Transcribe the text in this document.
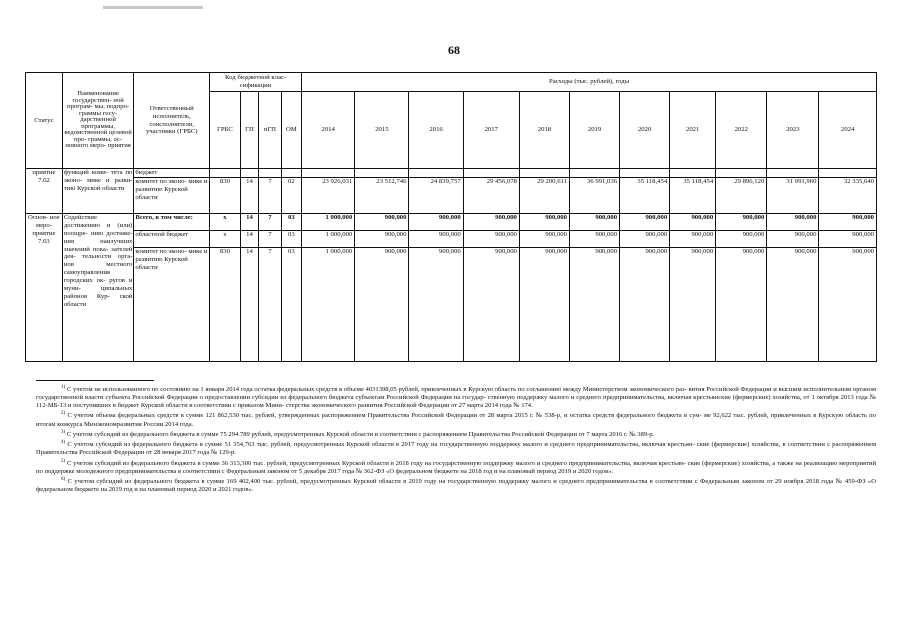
68
Статус	Наименование государствен- ной програм- мы, подпро- граммы госу- дарственной программы, ведомственной целевой про- граммы, ос- новного меро- приятия	Ответственный исполнитель, соисполнители, участники (ГРБС)	Код бюджетной клас- сификации				Расходы (тыс. рублей), годы										
			ГРБС	ГП	пГП	ОМ	2014	2015	2016	2017	2018	2019	2020	2021	2022	2023	2024
приятие 7.02	функций коми- тета по эконо- мике и разви- тию Курской области	бюджет															
		комитет по эконо- мике и развитию Курской области	830	14	7	02	23 926,031	23 512,746	24 839,757	29 456,078	29 200,611	36 991,036	35 118,454	35 118,454	29 896,120	31 091,960	32 335,640
Основ- ное меро- приятие 7.03	Содействие достижению и (или) поощре- нию достиже- ния наилучших значений пока- зателей дея- тельности орга- нов местного самоуправления городских ок- ругов и муни- ципальных районов Кур- ской области	Всего, в том числе:	x	14	7	03	1 000,000	900,000	900,000	900,000	900,000	900,000	900,000	900,000	900,000	900,000	900,000
		областной бюджет	x	14	7	03	1 000,000	900,000	900,000	900,000	900,000	900,000	900,000	900,000	900,000	900,000	900,000
		комитет по эконо- мике и развитию Курской области	830	14	7	03	1 000,000	900,000	900,000	900,000	900,000	900,000	900,000	900,000	900,000	900,000	900,000

$^{1)}$ С учетом не использованного по состоянию на 1 января 2014 года остатка федеральных средств в объеме 4031398,05 рублей, привлеченных в Курскую область по соглашению между Министерством экономического раз- вития Российской Федерации и высшим исполнительным органом государственной власти субъекта Российской Федерации о предоставлении субсидии из федерального бюджета субъектам Российской Федерации на государ- ственную поддержку малого и среднего предпринимательства, включая крестьянские (фермерские) хозяйства, от 1 октября 2013 года № 112-МБ-13 и поступивших в бюджет Курской области в соответствии с приказом Мини- стерства экономического развития Российской Федерации от 27 марта 2014 года № 174.

$^{2)}$ С учетом объема федеральных средств в сумме 121 862,530 тыс. рублей, утвержденных распоряжением Правительства Российской Федерации от 28 марта 2015 г. № 538-р, и остатка средств федерального бюджета в сум- ме 92,622 тыс. рублей, привлеченных в Курскую область по итогам конкурса Минэкономразвития России 2014 года.

$^{3)}$ С учетом субсидий из федерального бюджета в сумме 75 294 789 рублей, предусмотренных Курской области в соответствии с распоряжением Правительства Российской Федерации от 7 марта 2016 г. № 389-р.

$^{4)}$ С учетом субсидий из федерального бюджета в сумме 51 354,763 тыс. рублей, предусмотренных Курской области в 2017 году на государственную поддержку малого и среднего предпринимательства, включая крестьян- ские (фермерские) хозяйства, в соответствии с распоряжением Правительства Российской Федерации от 28 января 2017 года № 129-р.

$^{5)}$ С учетом субсидий из федерального бюджета в сумме 36 313,300 тыс. рублей, предусмотренных Курской области в 2018 году на государственную поддержку малого и среднего предпринимательства, включая крестьян- ские (фермерские) хозяйства, а также на реализацию мероприятий по поддержке молодежного предпринимательства в соответствии с Федеральным законом от 5 декабря 2017 года № 362-ФЗ «О федеральном бюджете на 2018 год и на плановый период 2019 и 2020 годов».

$^{6)}$ С учетом субсидий из федерального бюджета в сумме 169 402,400 тыс. рублей, предусмотренных Курской области в 2019 году на государственную поддержку малого и среднего предпринимательства в соответствии с Федеральным законом от 29 ноября 2018 года № 459-ФЗ «О федеральном бюджете на 2019 год и на плановый период 2020 и 2021 годов».
